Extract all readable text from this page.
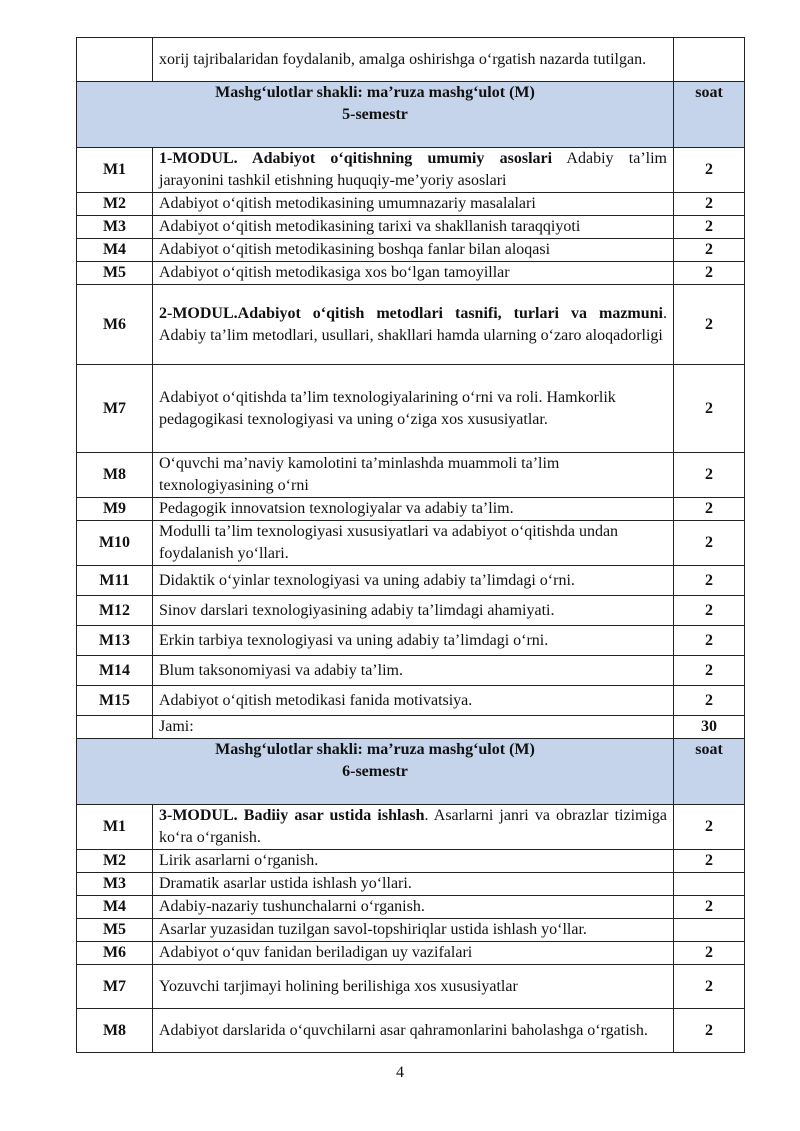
	xorij tajribalaridan foydalanib, amalga oshirishga o‘rgatish nazarda tutilgan.	

Mashg‘ulotlar shakli: ma’ruza mashg‘ulot (M)
5-semestr		soat
M1	1-MODUL. Adabiyot o‘qitishning umumiy asoslari Adabiy ta’lim jarayonini tashkil etishning huquqiy-me’yoriy asoslari	2
M2	Adabiyot o‘qitish metodikasining umumnazariy masalalari	2
M3	Adabiyot o‘qitish metodikasining tarixi va shakllanish taraqqiyoti	2
M4	Adabiyot o‘qitish metodikasining boshqa fanlar bilan aloqasi	2
M5	Adabiyot o‘qitish metodikasiga xos bo‘lgan tamoyillar	2
M6	2-MODUL.Adabiyot o‘qitish metodlari tasnifi, turlari va mazmuni. Adabiy ta’lim metodlari, usullari, shakllari hamda ularning o‘zaro aloqadorligi	2
M7	Adabiyot o‘qitishda ta’lim texnologiyalarining o‘rni va roli. Hamkorlik pedagogikasi texnologiyasi va uning o‘ziga xos xususiyatlar.	2
M8	O‘quvchi ma’naviy kamolotini ta’minlashda muammoli ta’lim texnologiyasining o‘rni	2
M9	Pedagogik innovatsion texnologiyalar va adabiy ta’lim.	2
M10	Modulli ta’lim texnologiyasi xususiyatlari va adabiyot o‘qitishda undan foydalanish yo‘llari.	2
M11	Didaktik o‘yinlar texnologiyasi va uning adabiy ta’limdagi o‘rni.	2
M12	Sinov darslari texnologiyasining adabiy ta’limdagi ahamiyati.	2
M13	Erkin tarbiya texnologiyasi va uning adabiy ta’limdagi o‘rni.	2
M14	Blum taksonomiyasi va adabiy ta’lim.	2
M15	Adabiyot o‘qitish metodikasi fanida motivatsiya.	2
	Jami:	30

Mashg‘ulotlar shakli: ma’ruza mashg‘ulot (M)
6-semestr		soat
M1	3-MODUL. Badiiy asar ustida ishlash. Asarlarni janri va obrazlar tizimiga ko‘ra o‘rganish.	2
M2	Lirik asarlarni o‘rganish.	2
M3	Dramatik asarlar ustida ishlash yo‘llari.	
M4	Adabiy-nazariy tushunchalarni o‘rganish.	2
M5	Asarlar yuzasidan tuzilgan savol-topshiriqlar ustida ishlash yo‘llar.	
M6	Adabiyot o‘quv fanidan beriladigan uy vazifalari	2
M7	Yozuvchi tarjimayi holining berilishiga xos xususiyatlar	2
M8	Adabiyot darslarida o‘quvchilarni asar qahramonlarini baholashga o‘rgatish.	2
4
